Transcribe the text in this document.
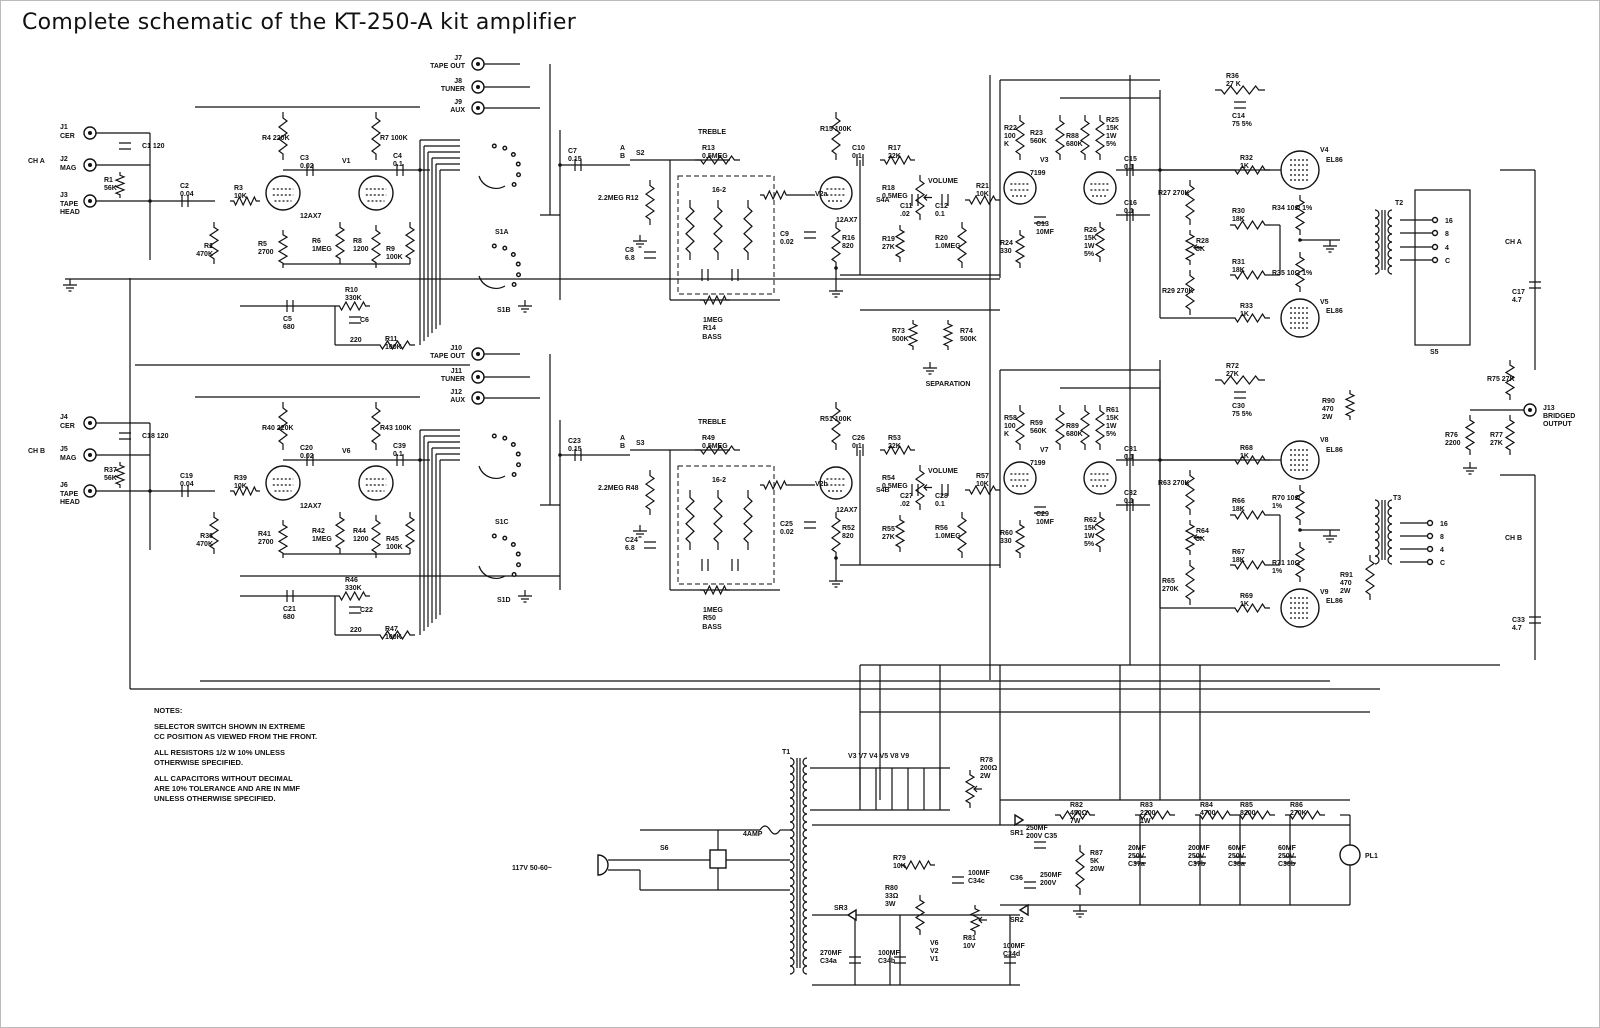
Complete schematic of the KT-250-A kit amplifier
J1
CER
J2
MAG
J3
TAPE HEAD
CH A
C1 120
R1 56K	C2 0.04
R2 470K
R3 10K
12AX7
R4 220K
R5 2700
C3 0.02
R6 1MEG
V1
R7 100K
R8 1200 R9 100K
C4 0.1
C5 680
R10 330K
C6
220	R11 100K
J7
TAPE OUT
J8
TUNER
J9
AUX
S1A
S1B
C7 0.15
A B S2
2.2MEG R12
C8 6.8
TREBLE
R13 0.5MEG
16-2
1MEG R14
BASS
V2a
12AX7
R15 100K
R16 820
C9 0.02
C10 0.1
R17 22K
R18 0.5MEG
VOLUME
C11 .02
S4A
R19 27K
C12 0.1
R20 1.0MEG
R21 10K
V3
7199
R22 100 K
R23 560K
R88 680K
R25 15K 1W 5%
R24 330
C13 10MF	R26 15K 1W 5%
C15 0.1
C16 0.1
J4
CER
J5
MAG
J6
TAPE HEAD
CH B
C18 120
R37 56K	C19 0.04
R38 470K
R39 10K
12AX7
R40 220K
R41 2700
C20 0.02
R42 1MEG
V6
R43 100K
R44 1200 R45 100K
C39 0.1
C21 680
R46 330K
C22
220	R47 100K
J10
TAPE OUT
J11
TUNER
J12
AUX
S1C
S1D
C23 0.15
A B S3
2.2MEG R48
C24 6.8
TREBLE
R49 0.5MEG
16-2
1MEG R50
BASS
V2b
12AX7
R51 100K
R52 820
C25 0.02
C26 0.1
R53 22K
R54 0.5MEG
VOLUME
C27 .02
S4B
R55 27K
C28 0.1
R56 1.0MEG
R57 10K
V7
7199
R58 100 K
R59 560K
R89 680K
R61 15K 1W 5%
R60 330
C29 10MF	R62 15K 1W 5%
C31 0.1
C32 0.1
R73 500K
R74 500K
SEPARATION
V4
EL86
V5
EL86
R32 1K
R33 1K
R30 18K
R31 18K
R27 270K
R28 5K
R29 270K
R34 10Ω 1%
R35 10Ω 1%
R36 27 K
C14 75 5%
V8
EL86
V9
EL86
R68 1K
R69 1K
R66 18K
R67 18K
R63 270K
R64 5K
R65 270K
R70 10Ω 1%
R71 10Ω 1%
R72 27K
C30 75 5%
T2
T3
S5
16
8
4
C
16
8
4
C
CH A
CH B
C17 4.7
C33 4.7
R90 470 2W
R91 470 2W
R75 27K
R76 2200
R77 27K
J13 BRIDGED OUTPUT
T1
V3 V7 V4 V5 V8 V9
R78 200Ω 2W
117V 50-60~
S6
4AMP	SR1
250MF 200V C35
R82 450Ω 7W
R87 5K 20W
R83 2200 1W
20MF 250V C37a
R84 4700
200MF 250V C37b
R85 8200
60MF 250V C38a
R86 270K
60MF 250V C38b
PL1
C36 250MF 200V
SR2
R79 10K
100MF C34c
R80 33Ω 3W
SR3
270MF C34a
100MF C34b
V6 V2 V1
R81 10V	100MF C34d
NOTES:
SELECTOR SWITCH SHOWN IN EXTREME
CC POSITION AS VIEWED FROM THE FRONT.
ALL RESISTORS 1/2 W 10% UNLESS
OTHERWISE SPECIFIED.
ALL CAPACITORS WITHOUT DECIMAL
ARE 10% TOLERANCE AND ARE IN MMF
UNLESS OTHERWISE SPECIFIED.
